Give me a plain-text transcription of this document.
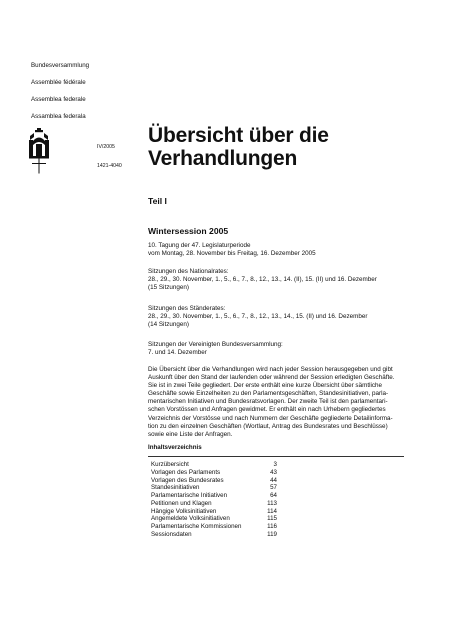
Bundesversammlung
Assemblée fédérale
Assemblea federale
Assamblea federala
IV/2005
1421-4040
Übersicht über die Verhandlungen
Teil I
Wintersession 2005
10. Tagung der 47. Legislaturperiode
vom Montag, 28. November bis Freitag, 16. Dezember 2005
Sitzungen des Nationalrates:
28., 29., 30. November, 1., 5., 6., 7., 8., 12., 13., 14. (II), 15. (II) und 16. Dezember
(15 Sitzungen)
Sitzungen des Ständerates:
28., 29., 30. November, 1., 5., 6., 7., 8., 12., 13., 14., 15. (II) und 16. Dezember
(14 Sitzungen)
Sitzungen der Vereinigten Bundesversammlung:
7. und 14. Dezember
Die Übersicht über die Verhandlungen wird nach jeder Session herausgegeben und gibt
Auskunft über den Stand der laufenden oder während der Session erledigten Geschäfte.
Sie ist in zwei Teile gegliedert. Der erste enthält eine kurze Übersicht über sämtliche
Geschäfte sowie Einzelheiten zu den Parlamentsgeschäften, Standesinitiativen, parla-
mentarischen Initiativen und Bundesratsvorlagen. Der zweite Teil ist den parlamentari-
schen Vorstössen und Anfragen gewidmet. Er enthält ein nach Urhebern gegliedertes
Verzeichnis der Vorstösse und nach Nummern der Geschäfte gegliederte Detailinforma-
tion zu den einzelnen Geschäften (Wortlaut, Antrag des Bundesrates und Beschlüsse)
sowie eine Liste der Anfragen.
Inhaltsverzeichnis
Kurzübersicht	3
Vorlagen des Parlaments	43
Vorlagen des Bundesrates	44
Standesinitiativen	57
Parlamentarische Initiativen	64
Petitionen und Klagen	113
Hängige Volksinitiativen	114
Angemeldete Volksinitiativen	115
Parlamentarische Kommissionen	116
Sessionsdaten	119
